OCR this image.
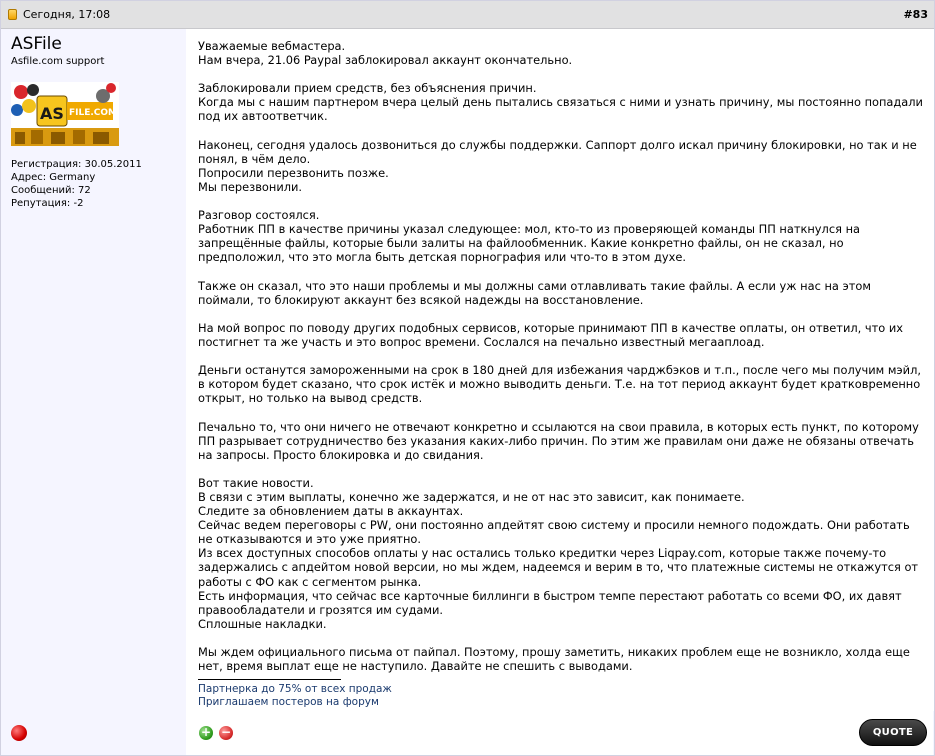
Сегодня, 17:08	#83
ASFile
Asfile.com support
AS FILE.COM
Регистрация: 30.05.2011
Адрес: Germany
Сообщений: 72
Репутация: -2

Уважаемые вебмастера.
Нам вчера, 21.06 Paypal заблокировал аккаунт окончательно.

Заблокировали прием средств, без объяснения причин.
Когда мы с нашим партнером вчера целый день пытались связаться с ними и узнать причину, мы постоянно попадали под их автоответчик.

Наконец, сегодня удалось дозвониться до службы поддержки. Саппорт долго искал причину блокировки, но так и не понял, в чём дело.
Попросили перезвонить позже.
Мы перезвонили.

Разговор состоялся.
Работник ПП в качестве причины указал следующее: мол, кто-то из проверяющей команды ПП наткнулся на запрещённые файлы, которые были залиты на файлообменник. Какие конкретно файлы, он не сказал, но предположил, что это могла быть детская порнография или что-то в этом духе.

Также он сказал, что это наши проблемы и мы должны сами отлавливать такие файлы. А если уж нас на этом поймали, то блокируют аккаунт без всякой надежды на восстановление.

На мой вопрос по поводу других подобных сервисов, которые принимают ПП в качестве оплаты, он ответил, что их постигнет та же участь и это вопрос времени. Сослался на печально известный мегааплоад.

Деньги останутся замороженными на срок в 180 дней для избежания чарджбэков и т.п., после чего мы получим мэйл, в котором будет сказано, что срок истёк и можно выводить деньги. Т.е. на тот период аккаунт будет кратковременно открыт, но только на вывод средств.

Печально то, что они ничего не отвечают конкретно и ссылаются на свои правила, в которых есть пункт, по которому ПП разрывает сотрудничество без указания каких-либо причин. По этим же правилам они даже не обязаны отвечать на запросы. Просто блокировка и до свидания.

Вот такие новости.
В связи с этим выплаты, конечно же задержатся, и не от нас это зависит, как понимаете.
Следите за обновлением даты в аккаунтах.
Сейчас ведем переговоры с PW, они постоянно апдейтят свою систему и просили немного подождать. Они работать не отказываются и это уже приятно.
Из всех доступных способов оплаты у нас остались только кредитки через Liqpay.com, которые также почему-то задержались с апдейтом новой версии, но мы ждем, надеемся и верим в то, что платежные системы не откажутся от работы с ФО как с сегментом рынка.
Есть информация, что сейчас все карточные биллинги в быстром темпе перестают работать со всеми ФО, их давят правообладатели и грозятся им судами.
Сплошные накладки.

Мы ждем официального письма от пайпал. Поэтому, прошу заметить, никаких проблем еще не возникло, холда еще нет, время выплат еще не наступило. Давайте не спешить с выводами.

Партнерка до 75% от всех продаж
Приглашаем постеров на форум
+ −	QUOTE
